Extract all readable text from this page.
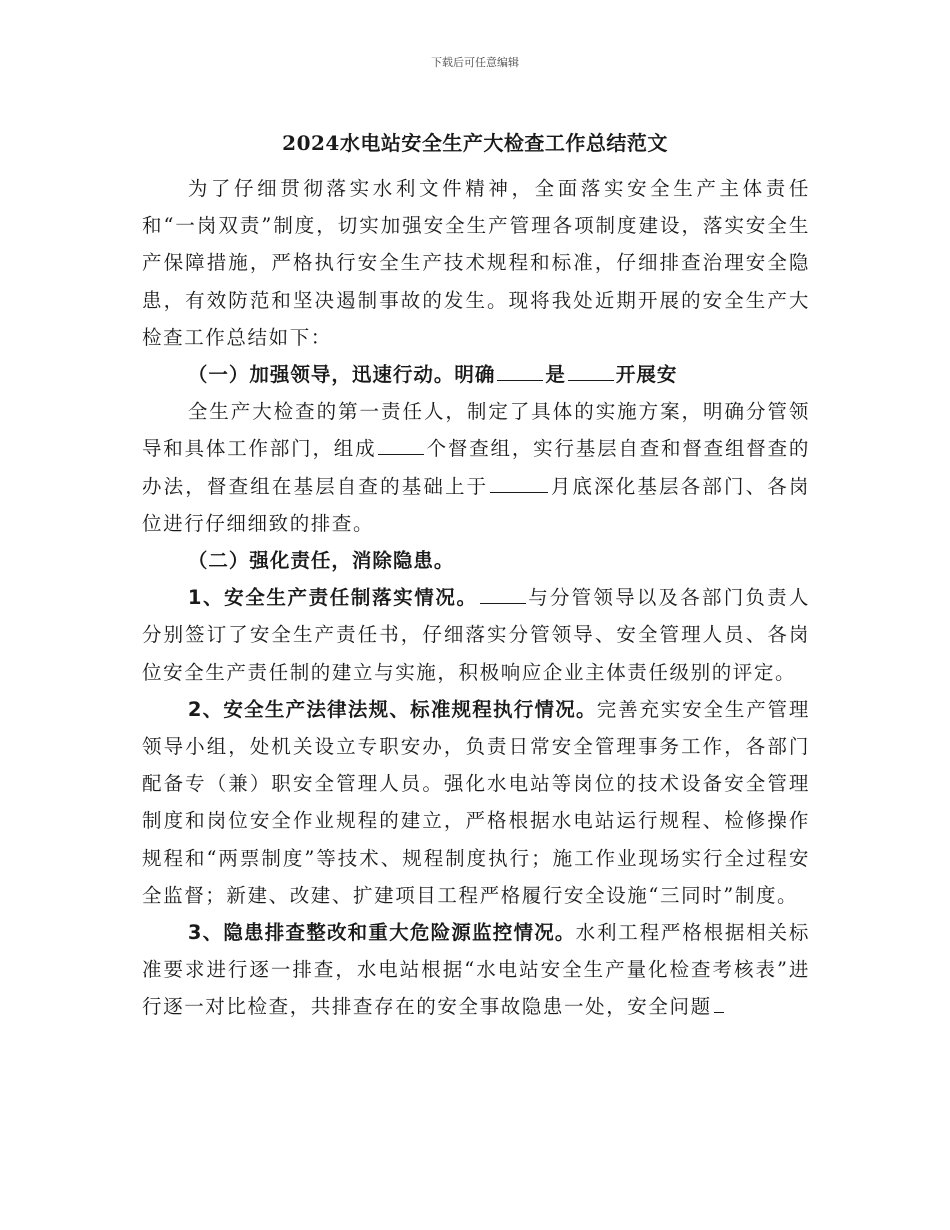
下载后可任意编辑
2024水电站安全生产大检查工作总结范文

为了仔细贯彻落实水利文件精神，全面落实安全生产主体责任和“一岗双责”制度，切实加强安全生产管理各项制度建设，落实安全生产保障措施，严格执行安全生产技术规程和标准，仔细排查治理安全隐患，有效防范和坚决遏制事故的发生。现将我处近期开展的安全生产大检查工作总结如下：

（一）加强领导，迅速行动。明确	是	开展安

全生产大检查的第一责任人，制定了具体的实施方案，明确分管领导和具体工作部门，组成	个督查组，实行基层自查和督查组督查的办法，督查组在基层自查的基础上于	月底深化基层各部门、各岗位进行仔细细致的排查。

（二）强化责任，消除隐患。

1、安全生产责任制落实情况。	与分管领导以及各部门负责人分别签订了安全生产责任书，仔细落实分管领导、安全管理人员、各岗位安全生产责任制的建立与实施，积极响应企业主体责任级别的评定。

2、安全生产法律法规、标准规程执行情况。完善充实安全生产管理领导小组，处机关设立专职安办，负责日常安全管理事务工作，各部门配备专（兼）职安全管理人员。强化水电站等岗位的技术设备安全管理制度和岗位安全作业规程的建立，严格根据水电站运行规程、检修操作规程和“两票制度”等技术、规程制度执行；施工作业现场实行全过程安全监督；新建、改建、扩建项目工程严格履行安全设施“三同时”制度。

3、隐患排查整改和重大危险源监控情况。水利工程严格根据相关标准要求进行逐一排查，水电站根据“水电站安全生产量化检查考核表”进行逐一对比检查，共排查存在的安全事故隐患一处，安全问题
